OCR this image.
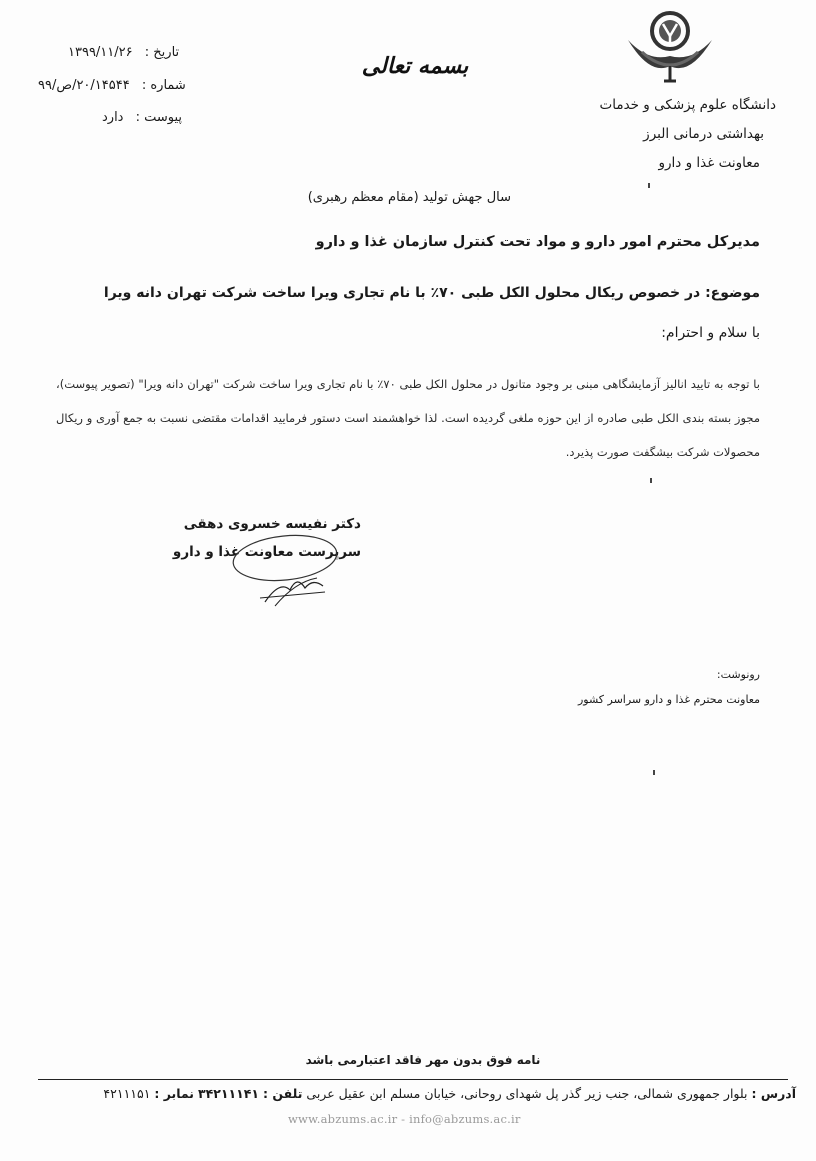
تاریخ : ۱۳۹۹/۱۱/۲۶
شماره : ۲۰/۱۴۵۴۴/ص/۹۹
پیوست : دارد
بسمه تعالی
دانشگاه علوم پزشکی و خدمات
بهداشتی درمانی البرز
معاونت غذا و دارو
سال جهش تولید (مقام معظم رهبری)
مدیرکل محترم امور دارو و مواد تحت کنترل سازمان غذا و دارو
موضوع: در خصوص ریکال محلول الکل طبی ۷۰٪ با نام تجاری ویرا ساخت شرکت تهران دانه ویرا
با سلام و احترام:
با توجه به تایید انالیز آزمایشگاهی مبنی بر وجود متانول در محلول الکل طبی ۷۰٪ با نام تجاری ویرا ساخت شرکت "تهران دانه ویرا" (تصویر پیوست)، مجوز بسته بندی الکل طبی صادره از این حوزه ملغی گردیده است. لذا خواهشمند است دستور فرمایید اقدامات مقتضی نسبت به جمع آوری و ریکال محصولات شرکت بیشگفت صورت پذیرد.
دکتر نفیسه خسروی دهقی
سرپرست معاونت غذا و دارو
رونوشت:
معاونت محترم غذا و دارو سراسر کشور
نامه فوق بدون مهر فاقد اعتبارمی باشد
آدرس : بلوار جمهوری شمالی، جنب زیر گذر پل شهدای روحانی، خیابان مسلم ابن عقیل عربی تلفن : ۳۴۲۱۱۱۴۱ نمابر : ۴۲۱۱۱۵۱
www.abzums.ac.ir - info@abzums.ac.ir
